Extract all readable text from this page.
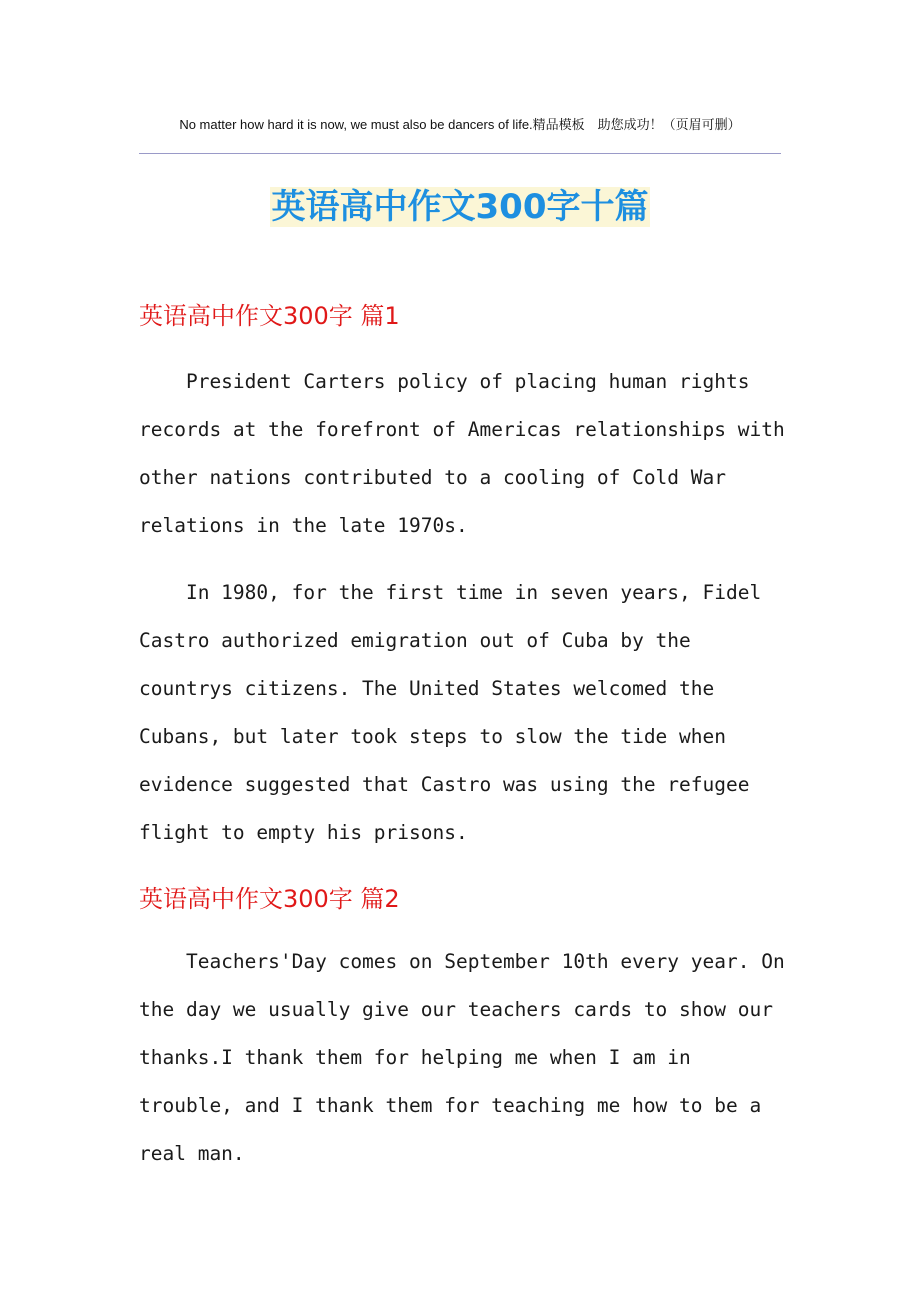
No matter how hard it is now, we must also be dancers of life.精品模板　助您成功！（页眉可删）
英语高中作文300字十篇
英语高中作文300字 篇1
President Carters policy of placing human rights
records at the forefront of Americas relationships with
other nations contributed to a cooling of Cold War
relations in the late 1970s.
In 1980, for the first time in seven years, Fidel
Castro authorized emigration out of Cuba by the
countrys citizens. The United States welcomed the
Cubans, but later took steps to slow the tide when
evidence suggested that Castro was using the refugee
flight to empty his prisons.
英语高中作文300字 篇2
Teachers'Day comes on September 10th every year. On
the day we usually give our teachers cards to show our
thanks.I thank them for helping me when I am in
trouble, and I thank them for teaching me how to be a
real man.
